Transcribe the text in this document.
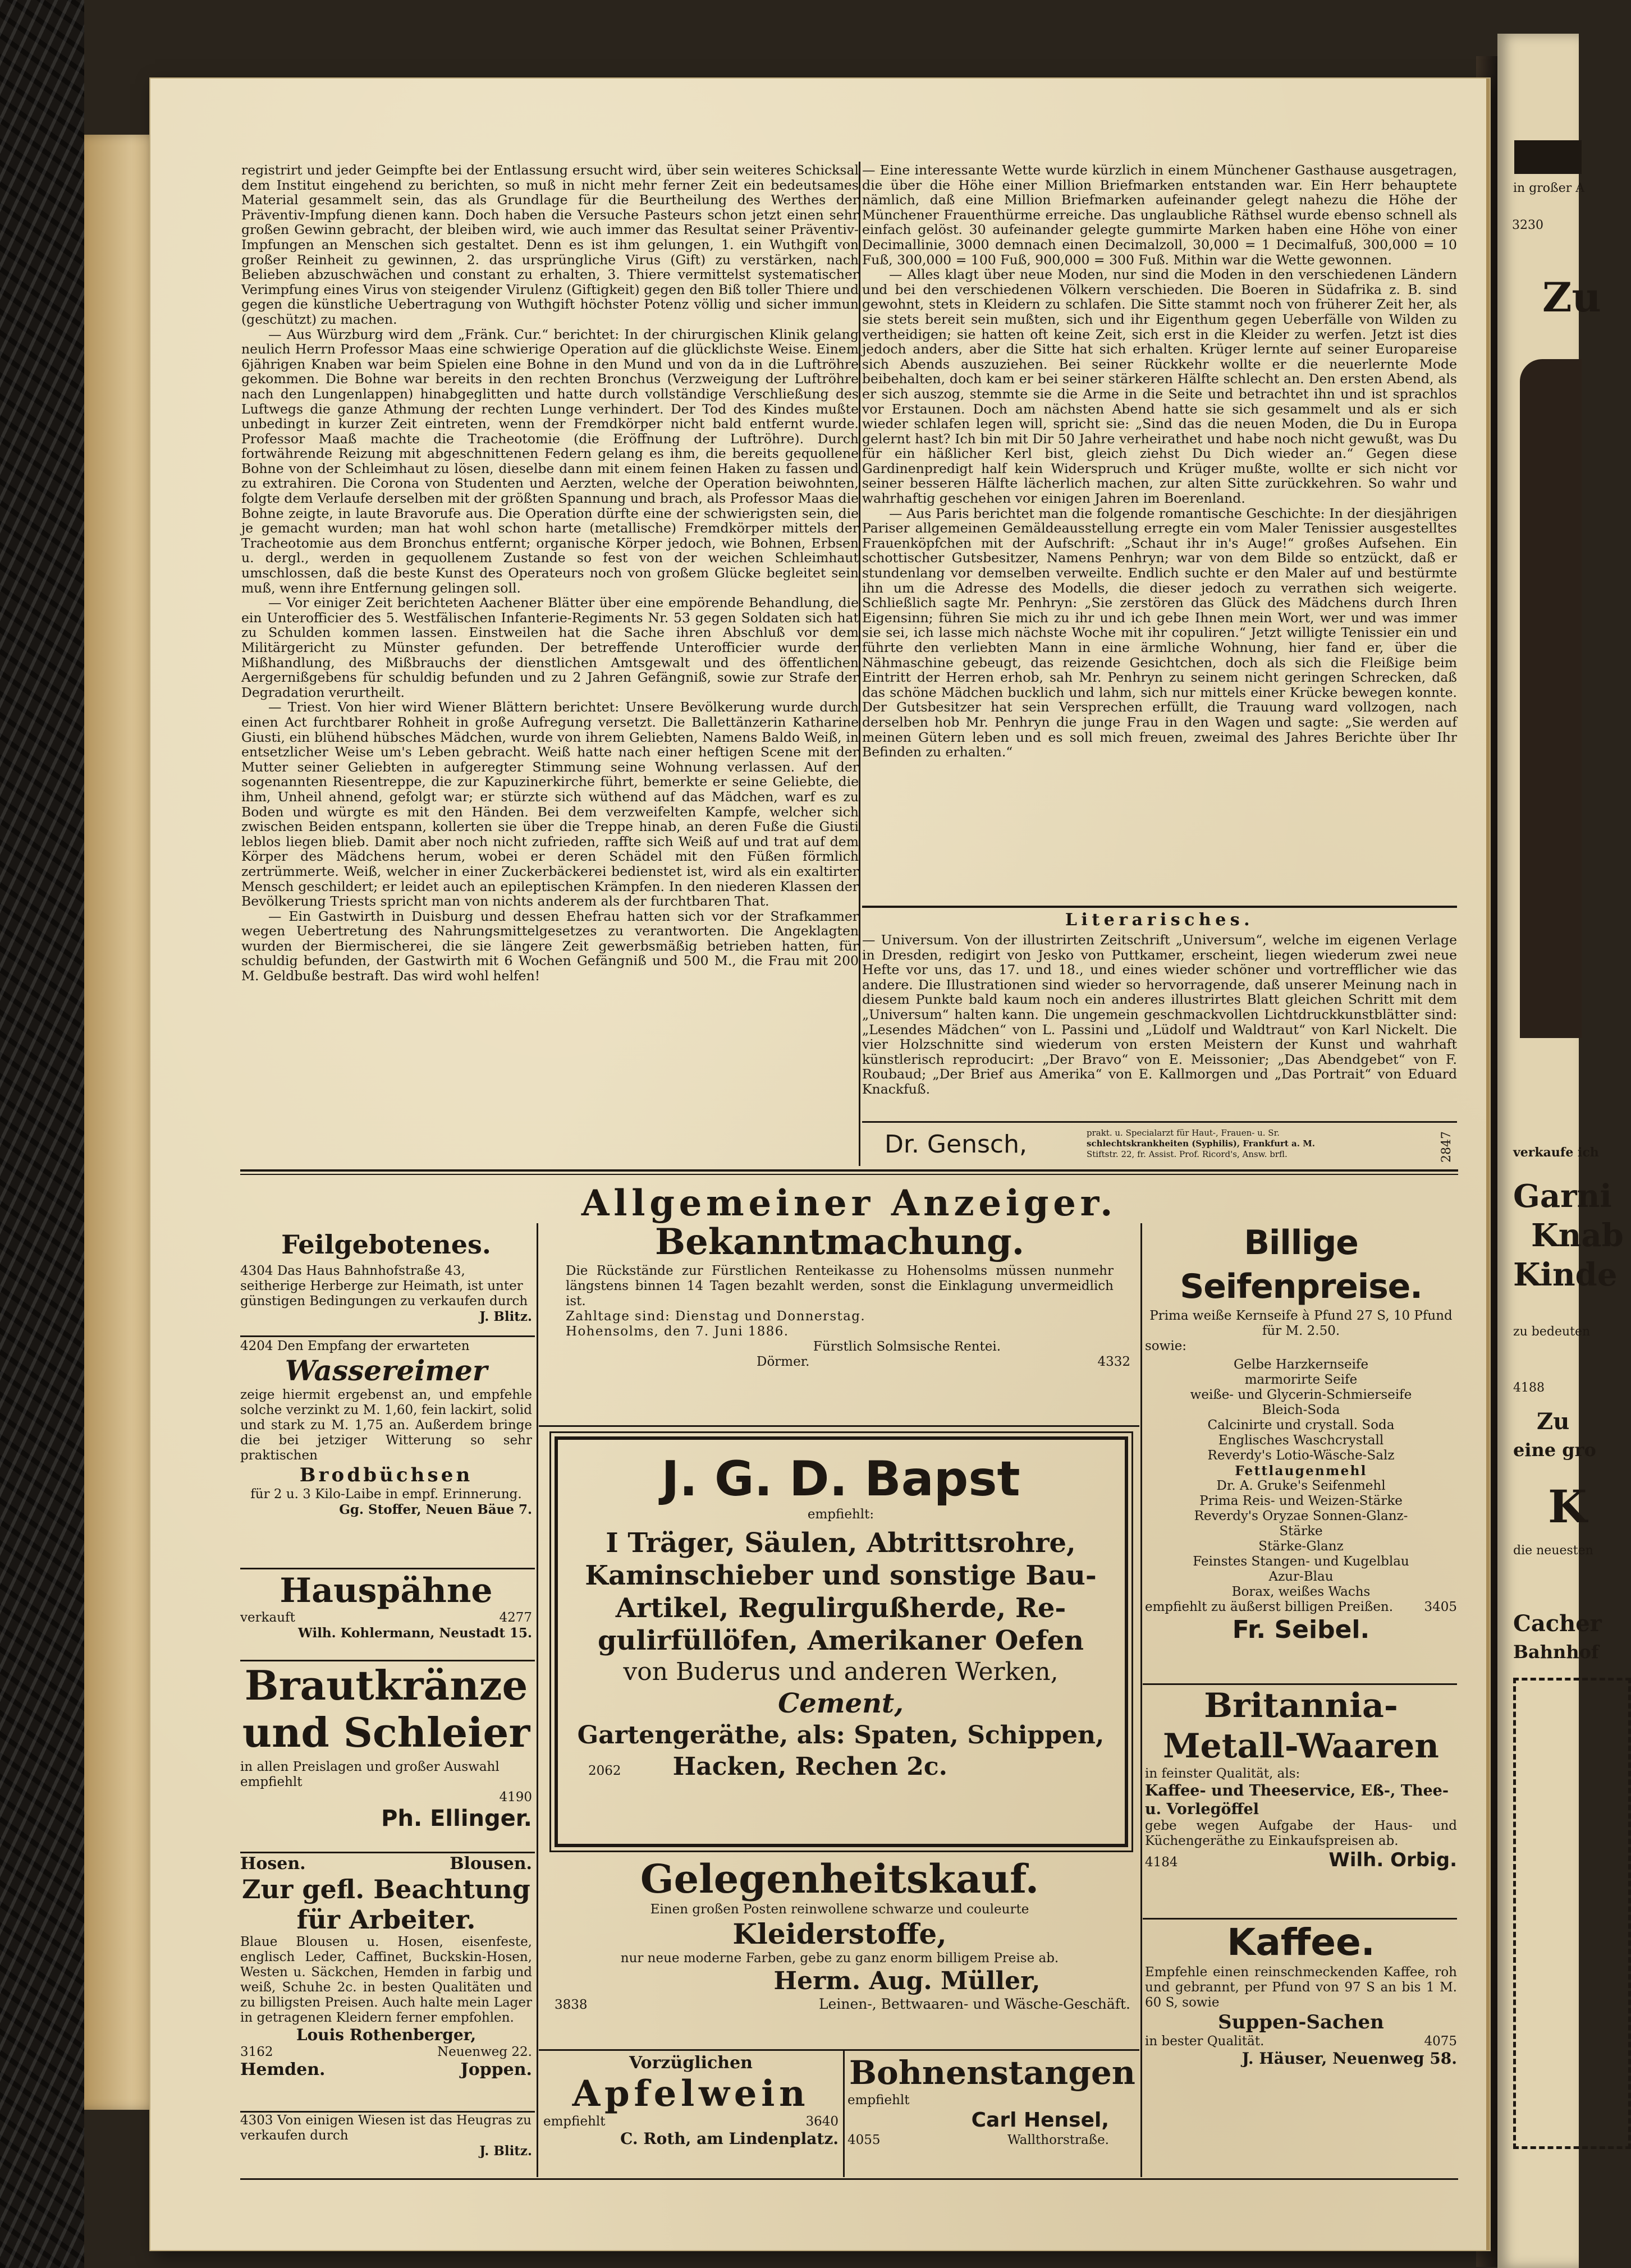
registrirt und jeder Geimpfte bei der Entlassung ersucht wird, über sein weiteres Schicksal dem Institut eingehend zu berichten, so muß in nicht mehr ferner Zeit ein bedeutsames Material gesammelt sein, das als Grundlage für die Beurtheilung des Werthes der Präventiv-Impfung dienen kann. Doch haben die Versuche Pasteurs schon jetzt einen sehr großen Gewinn gebracht, der bleiben wird, wie auch immer das Resultat seiner Präventiv-Impfungen an Menschen sich gestaltet. Denn es ist ihm gelungen, 1. ein Wuthgift von großer Reinheit zu gewinnen, 2. das ursprüngliche Virus (Gift) zu verstärken, nach Belieben abzuschwächen und constant zu erhalten, 3. Thiere vermittelst systematischer Verimpfung eines Virus von steigender Virulenz (Giftigkeit) gegen den Biß toller Thiere und gegen die künstliche Uebertragung von Wuthgift höchster Potenz völlig und sicher immun (geschützt) zu machen.

— Aus Würzburg wird dem „Fränk. Cur.“ berichtet: In der chirurgischen Klinik gelang neulich Herrn Professor Maas eine schwierige Operation auf die glücklichste Weise. Einem 6jährigen Knaben war beim Spielen eine Bohne in den Mund und von da in die Luftröhre gekommen. Die Bohne war bereits in den rechten Bronchus (Verzweigung der Luftröhre nach den Lungenlappen) hinabgeglitten und hatte durch vollständige Verschließung des Luftwegs die ganze Athmung der rechten Lunge verhindert. Der Tod des Kindes mußte unbedingt in kurzer Zeit eintreten, wenn der Fremdkörper nicht bald entfernt wurde. Professor Maaß machte die Tracheotomie (die Eröffnung der Luftröhre). Durch fortwährende Reizung mit abgeschnittenen Federn gelang es ihm, die bereits gequollene Bohne von der Schleimhaut zu lösen, dieselbe dann mit einem feinen Haken zu fassen und zu extrahiren. Die Corona von Studenten und Aerzten, welche der Operation beiwohnten, folgte dem Verlaufe derselben mit der größten Spannung und brach, als Professor Maas die Bohne zeigte, in laute Bravorufe aus. Die Operation dürfte eine der schwierigsten sein, die je gemacht wurden; man hat wohl schon harte (metallische) Fremdkörper mittels der Tracheotomie aus dem Bronchus entfernt; organische Körper jedoch, wie Bohnen, Erbsen u. dergl., werden in gequollenem Zustande so fest von der weichen Schleimhaut umschlossen, daß die beste Kunst des Operateurs noch von großem Glücke begleitet sein muß, wenn ihre Entfernung gelingen soll.

— Vor einiger Zeit berichteten Aachener Blätter über eine empörende Behandlung, die ein Unterofficier des 5. Westfälischen Infanterie-Regiments Nr. 53 gegen Soldaten sich hat zu Schulden kommen lassen. Einstweilen hat die Sache ihren Abschluß vor dem Militärgericht zu Münster gefunden. Der betreffende Unterofficier wurde der Mißhandlung, des Mißbrauchs der dienstlichen Amtsgewalt und des öffentlichen Aergernißgebens für schuldig befunden und zu 2 Jahren Gefängniß, sowie zur Strafe der Degradation verurtheilt.

— Triest. Von hier wird Wiener Blättern berichtet: Unsere Bevölkerung wurde durch einen Act furchtbarer Rohheit in große Aufregung versetzt. Die Ballettänzerin Katharine Giusti, ein blühend hübsches Mädchen, wurde von ihrem Geliebten, Namens Baldo Weiß, in entsetzlicher Weise um's Leben gebracht. Weiß hatte nach einer heftigen Scene mit der Mutter seiner Geliebten in aufgeregter Stimmung seine Wohnung verlassen. Auf der sogenannten Riesentreppe, die zur Kapuzinerkirche führt, bemerkte er seine Geliebte, die ihm, Unheil ahnend, gefolgt war; er stürzte sich wüthend auf das Mädchen, warf es zu Boden und würgte es mit den Händen. Bei dem verzweifelten Kampfe, welcher sich zwischen Beiden entspann, kollerten sie über die Treppe hinab, an deren Fuße die Giusti leblos liegen blieb. Damit aber noch nicht zufrieden, raffte sich Weiß auf und trat auf dem Körper des Mädchens herum, wobei er deren Schädel mit den Füßen förmlich zertrümmerte. Weiß, welcher in einer Zuckerbäckerei bedienstet ist, wird als ein exaltirter Mensch geschildert; er leidet auch an epileptischen Krämpfen. In den niederen Klassen der Bevölkerung Triests spricht man von nichts anderem als der furchtbaren That.

— Ein Gastwirth in Duisburg und dessen Ehefrau hatten sich vor der Strafkammer wegen Uebertretung des Nahrungsmittelgesetzes zu verantworten. Die Angeklagten wurden der Biermischerei, die sie längere Zeit gewerbsmäßig betrieben hatten, für schuldig befunden, der Gastwirth mit 6 Wochen Gefängniß und 500 M., die Frau mit 200 M. Geldbuße bestraft. Das wird wohl helfen!

— Eine interessante Wette wurde kürzlich in einem Münchener Gasthause ausgetragen, die über die Höhe einer Million Briefmarken entstanden war. Ein Herr behauptete nämlich, daß eine Million Briefmarken aufeinander gelegt nahezu die Höhe der Münchener Frauenthürme erreiche. Das unglaubliche Räthsel wurde ebenso schnell als einfach gelöst. 30 aufeinander gelegte gummirte Marken haben eine Höhe von einer Decimallinie, 3000 demnach einen Decimalzoll, 30,000 = 1 Decimalfuß, 300,000 = 10 Fuß, 300,000 = 100 Fuß, 900,000 = 300 Fuß. Mithin war die Wette gewonnen.

— Alles klagt über neue Moden, nur sind die Moden in den verschiedenen Ländern und bei den verschiedenen Völkern verschieden. Die Boeren in Südafrika z. B. sind gewohnt, stets in Kleidern zu schlafen. Die Sitte stammt noch von früherer Zeit her, als sie stets bereit sein mußten, sich und ihr Eigenthum gegen Ueberfälle von Wilden zu vertheidigen; sie hatten oft keine Zeit, sich erst in die Kleider zu werfen. Jetzt ist dies jedoch anders, aber die Sitte hat sich erhalten. Krüger lernte auf seiner Europareise sich Abends auszuziehen. Bei seiner Rückkehr wollte er die neuerlernte Mode beibehalten, doch kam er bei seiner stärkeren Hälfte schlecht an. Den ersten Abend, als er sich auszog, stemmte sie die Arme in die Seite und betrachtet ihn und ist sprachlos vor Erstaunen. Doch am nächsten Abend hatte sie sich gesammelt und als er sich wieder schlafen legen will, spricht sie: „Sind das die neuen Moden, die Du in Europa gelernt hast? Ich bin mit Dir 50 Jahre verheirathet und habe noch nicht gewußt, was Du für ein häßlicher Kerl bist, gleich ziehst Du Dich wieder an.“ Gegen diese Gardinenpredigt half kein Widerspruch und Krüger mußte, wollte er sich nicht vor seiner besseren Hälfte lächerlich machen, zur alten Sitte zurückkehren. So wahr und wahrhaftig geschehen vor einigen Jahren im Boerenland.

— Aus Paris berichtet man die folgende romantische Geschichte: In der diesjährigen Pariser allgemeinen Gemäldeausstellung erregte ein vom Maler Tenissier ausgestelltes Frauenköpfchen mit der Aufschrift: „Schaut ihr in's Auge!“ großes Aufsehen. Ein schottischer Gutsbesitzer, Namens Penhryn; war von dem Bilde so entzückt, daß er stundenlang vor demselben verweilte. Endlich suchte er den Maler auf und bestürmte ihn um die Adresse des Modells, die dieser jedoch zu verrathen sich weigerte. Schließlich sagte Mr. Penhryn: „Sie zerstören das Glück des Mädchens durch Ihren Eigensinn; führen Sie mich zu ihr und ich gebe Ihnen mein Wort, wer und was immer sie sei, ich lasse mich nächste Woche mit ihr copuliren.“ Jetzt willigte Tenissier ein und führte den verliebten Mann in eine ärmliche Wohnung, hier fand er, über die Nähmaschine gebeugt, das reizende Gesichtchen, doch als sich die Fleißige beim Eintritt der Herren erhob, sah Mr. Penhryn zu seinem nicht geringen Schrecken, daß das schöne Mädchen bucklich und lahm, sich nur mittels einer Krücke bewegen konnte. Der Gutsbesitzer hat sein Versprechen erfüllt, die Trauung ward vollzogen, nach derselben hob Mr. Penhryn die junge Frau in den Wagen und sagte: „Sie werden auf meinen Gütern leben und es soll mich freuen, zweimal des Jahres Berichte über Ihr Befinden zu erhalten.“

Literarisches.

— Universum. Von der illustrirten Zeitschrift „Universum“, welche im eigenen Verlage in Dresden, redigirt von Jesko von Puttkamer, erscheint, liegen wiederum zwei neue Hefte vor uns, das 17. und 18., und eines wieder schöner und vortrefflicher wie das andere. Die Illustrationen sind wieder so hervorragende, daß unserer Meinung nach in diesem Punkte bald kaum noch ein anderes illustrirtes Blatt gleichen Schritt mit dem „Universum“ halten kann. Die ungemein geschmackvollen Lichtdruckkunstblätter sind: „Lesendes Mädchen“ von L. Passini und „Lüdolf und Waldtraut“ von Karl Nickelt. Die vier Holzschnitte sind wiederum von ersten Meistern der Kunst und wahrhaft künstlerisch reproducirt: „Der Bravo“ von E. Meissonier; „Das Abendgebet“ von F. Roubaud; „Der Brief aus Amerika“ von E. Kallmorgen und „Das Portrait“ von Eduard Knackfuß.

Dr. Gensch,	prakt. u. Specialarzt für Haut-, Frauen- u. Sr.
schlechtskrankheiten (Syphilis), Frankfurt a. M.
Stiftstr. 22, fr. Assist. Prof. Ricord's, Answ. brfl.	2847
Allgemeiner Anzeiger.
Feilgebotenes.
4304 Das Haus Bahnhofstraße 43, seitherige Herberge zur Heimath, ist unter günstigen Bedingungen zu verkaufen durch
J. Blitz.
4204 Den Empfang der erwarteten
Wassereimer
zeige hiermit ergebenst an, und empfehle solche verzinkt zu M. 1,60, fein lackirt, solid und stark zu M. 1,75 an. Außerdem bringe die bei jetziger Witterung so sehr praktischen
Brodbüchsen
für 2 u. 3 Kilo-Laibe in empf. Erinnerung.
Gg. Stoffer, Neuen Bäue 7.
Hauspähne
verkauft	4277
Wilh. Kohlermann, Neustadt 15.
Brautkränze
und Schleier
in allen Preislagen und großer Auswahl empfiehlt
4190
Ph. Ellinger.
Hosen.	Blousen.
Zur gefl. Beachtung
für Arbeiter.
Blaue Blousen u. Hosen, eisenfeste, englisch Leder, Caffinet, Buckskin-Hosen, Westen u. Säckchen, Hemden in farbig und weiß, Schuhe 2c. in besten Qualitäten und zu billigsten Preisen. Auch halte mein Lager in getragenen Kleidern ferner empfohlen.
Louis Rothenberger,
3162	Neuenweg 22.
Hemden.	Joppen.
4303 Von einigen Wiesen ist das Heugras zu verkaufen durch
J. Blitz.
Bekanntmachung.
Die Rückstände zur Fürstlichen Renteikasse zu Hohensolms müssen nunmehr längstens binnen 14 Tagen bezahlt werden, sonst die Einklagung unvermeidlich ist.
Zahltage sind: Dienstag und Donnerstag.
Hohensolms, den 7. Juni 1886.
Fürstlich Solmsische Rentei.
Dörmer.	4332
J. G. D. Bapst
empfiehlt:
I Träger, Säulen, Abtrittsrohre,
Kaminschieber und sonstige Bau-
Artikel, Regulirgußherde, Re-
gulirfüllöfen, Amerikaner Oefen
von Buderus und anderen Werken,
Cement,
Gartengeräthe, als: Spaten, Schippen,
2062 Hacken, Rechen 2c.
Gelegenheitskauf.
Einen großen Posten reinwollene schwarze und couleurte
Kleiderstoffe,
nur neue moderne Farben, gebe zu ganz enorm billigem Preise ab.
Herm. Aug. Müller,
3838	Leinen-, Bettwaaren- und Wäsche-Geschäft.
Vorzüglichen
Apfelwein
empfiehlt	3640
C. Roth, am Lindenplatz.
Bohnenstangen
empfiehlt
Carl Hensel,
4055	Wallthorstraße.
Billige Seifenpreise.
Prima weiße Kernseife à Pfund 27 S, 10 Pfund für M. 2.50.
sowie:
Gelbe Harzkernseife
marmorirte Seife
weiße- und Glycerin-Schmierseife
Bleich-Soda
Calcinirte und crystall. Soda
Englisches Waschcrystall
Reverdy's Lotio-Wäsche-Salz
Fettlaugenmehl
Dr. A. Gruke's Seifenmehl
Prima Reis- und Weizen-Stärke
Reverdy's Oryzae Sonnen-Glanz-
Stärke
Stärke-Glanz
Feinstes Stangen- und Kugelblau
Azur-Blau
Borax, weißes Wachs
empfiehlt zu äußerst billigen Preißen.	3405
Fr. Seibel.
Britannia-
Metall-Waaren
in feinster Qualität, als:
Kaffee- und Theeservice, Eß-, Thee- u. Vorlegöffel
gebe wegen Aufgabe der Haus- und Küchengeräthe zu Einkaufspreisen ab.
4184	Wilh. Orbig.
Kaffee.
Empfehle einen reinschmeckenden Kaffee, roh und gebrannt, per Pfund von 97 S an bis 1 M. 60 S, sowie
Suppen-Sachen
in bester Qualität.	4075
J. Häuser, Neuenweg 58.
in großer A
3230
Zu
verkaufe ich
Garni
Knab
Kinde
zu bedeuten
4188
Zu
eine gro
K
die neuesten
Cacher
Bahnhof
